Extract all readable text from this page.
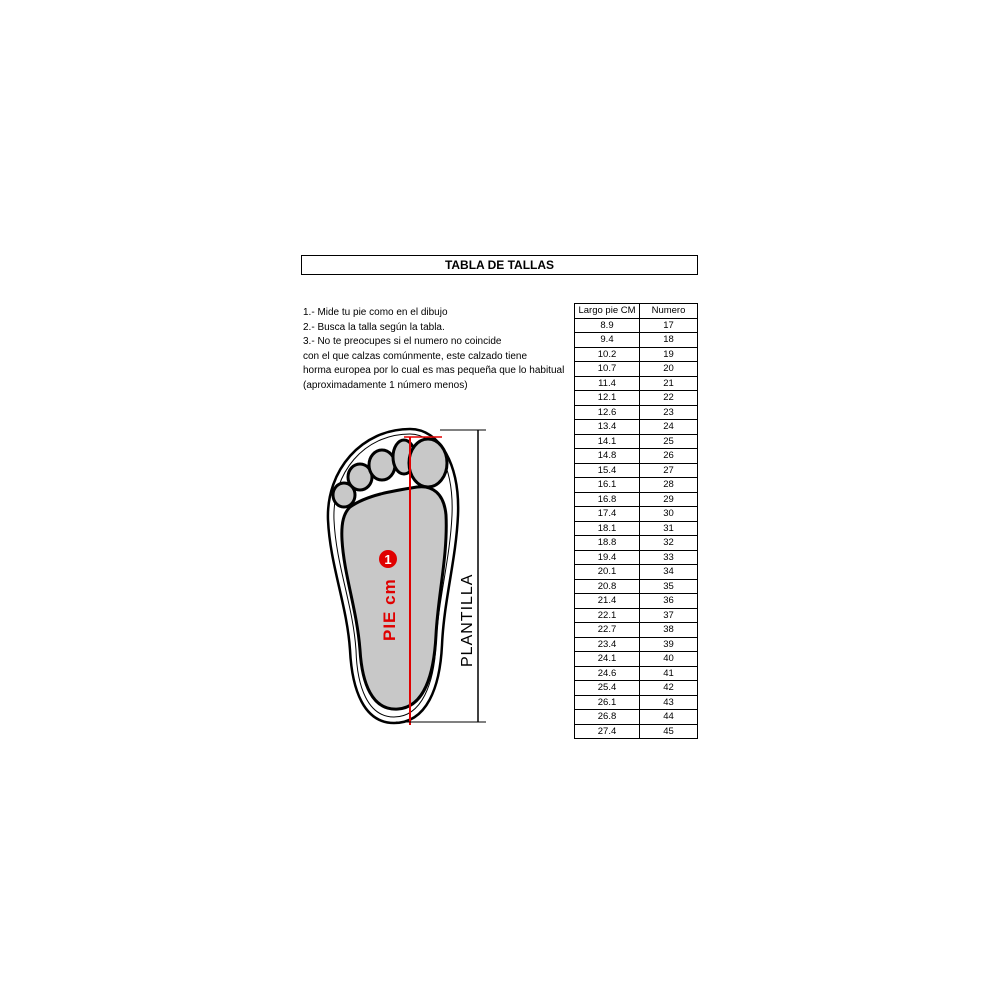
TABLA DE TALLAS
1.- Mide tu pie como en el dibujo
2.- Busca la talla según la tabla.
3.- No te preocupes si el numero no coincide
con el que calzas comúnmente, este calzado tiene
horma europea por lo cual es mas pequeña que lo habitual
(aproximadamente 1 número menos)
1
PIE cm	PLANTILLA
Largo pie CM	Numero
8.9	17
9.4	18
10.2	19
10.7	20
11.4	21
12.1	22
12.6	23
13.4	24
14.1	25
14.8	26
15.4	27
16.1	28
16.8	29
17.4	30
18.1	31
18.8	32
19.4	33
20.1	34
20.8	35
21.4	36
22.1	37
22.7	38
23.4	39
24.1	40
24.6	41
25.4	42
26.1	43
26.8	44
27.4	45
